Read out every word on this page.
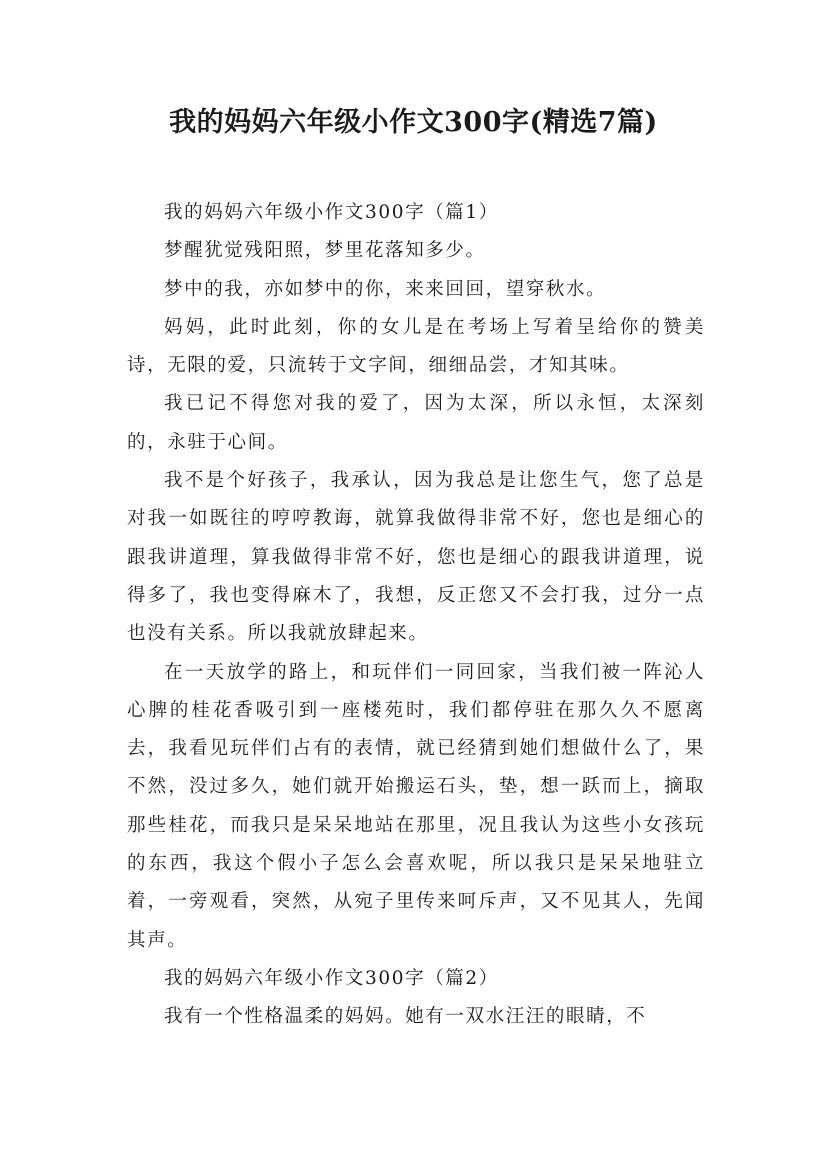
我的妈妈六年级小作文300字(精选7篇)

我的妈妈六年级小作文300字（篇1）

梦醒犹觉残阳照，梦里花落知多少。

梦中的我，亦如梦中的你，来来回回，望穿秋水。

妈妈，此时此刻，你的女儿是在考场上写着呈给你的赞美诗，无限的爱，只流转于文字间，细细品尝，才知其味。

我已记不得您对我的爱了，因为太深，所以永恒，太深刻的，永驻于心间。

我不是个好孩子，我承认，因为我总是让您生气，您了总是对我一如既往的哼哼教诲，就算我做得非常不好，您也是细心的跟我讲道理，算我做得非常不好，您也是细心的跟我讲道理，说得多了，我也变得麻木了，我想，反正您又不会打我，过分一点也没有关系。所以我就放肆起来。

在一天放学的路上，和玩伴们一同回家，当我们被一阵沁人心脾的桂花香吸引到一座楼苑时，我们都停驻在那久久不愿离去，我看见玩伴们占有的表情，就已经猜到她们想做什么了，果不然，没过多久，她们就开始搬运石头，垫，想一跃而上，摘取那些桂花，而我只是呆呆地站在那里，况且我认为这些小女孩玩的东西，我这个假小子怎么会喜欢呢，所以我只是呆呆地驻立着，一旁观看，突然，从宛子里传来呵斥声，又不见其人，先闻其声。

我的妈妈六年级小作文300字（篇2）

我有一个性格温柔的妈妈。她有一双水汪汪的眼睛，不
